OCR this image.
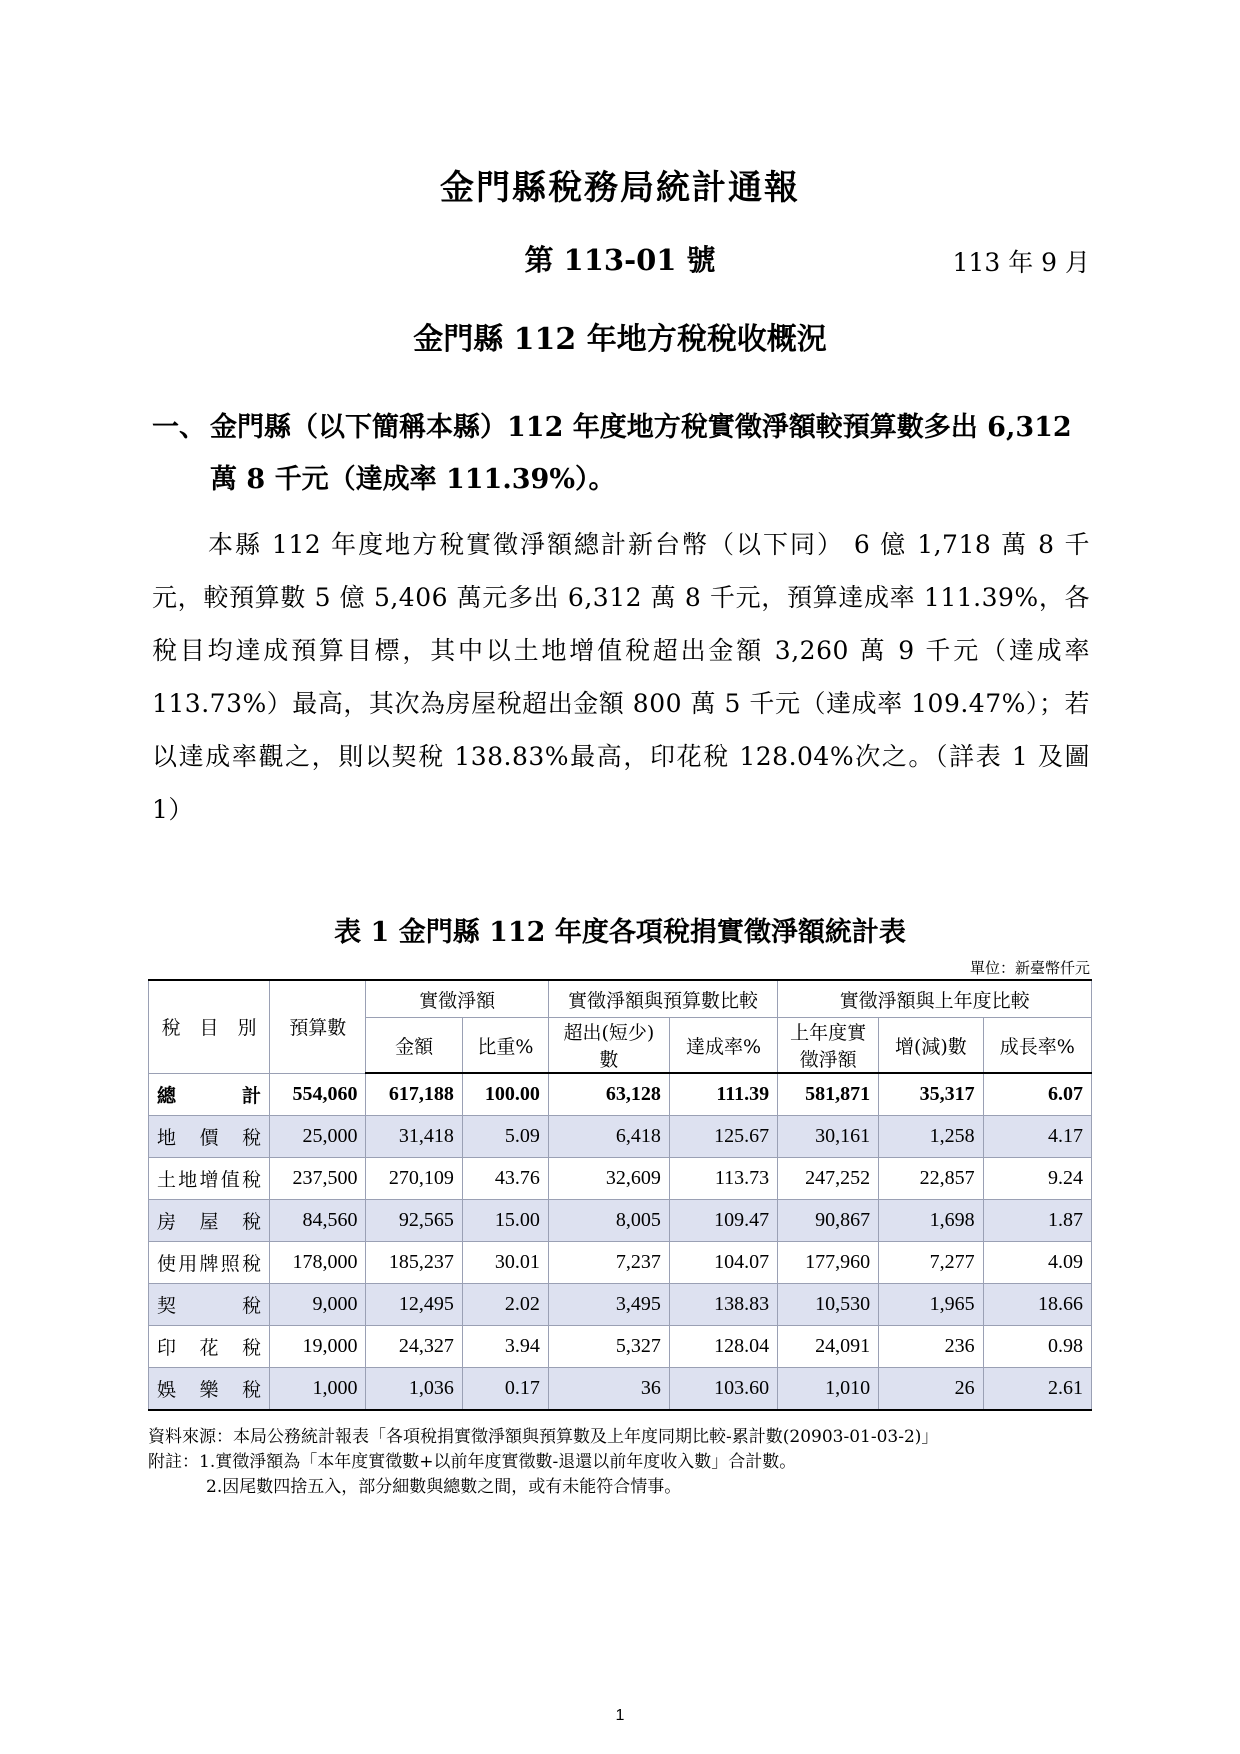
金門縣稅務局統計通報
第 113-01 號	113 年 9 月
金門縣 112 年地方稅稅收概況
一、 金門縣（以下簡稱本縣）112 年度地方稅實徵淨額較預算數多出 6,312 萬 8 千元（達成率 111.39%）。
本縣 112 年度地方稅實徵淨額總計新台幣（以下同） 6 億 1,718 萬 8 千元，較預算數 5 億 5,406 萬元多出 6,312 萬 8 千元，預算達成率 111.39%，各稅目均達成預算目標，其中以土地增值稅超出金額 3,260 萬 9 千元（達成率 113.73%）最高，其次為房屋稅超出金額 800 萬 5 千元（達成率 109.47%）；若以達成率觀之，則以契稅 138.83%最高，印花稅 128.04%次之。（詳表 1 及圖 1）
表 1 金門縣 112 年度各項稅捐實徵淨額統計表
單位：新臺幣仟元
稅　目　別	預算數	實徵淨額		實徵淨額與預算數比較		實徵淨額與上年度比較		
		金額	比重%	超出(短少)數	達成率%	上年度實徵淨額	增(減)數	成長率%
總計	554,060	617,188	100.00	63,128	111.39	581,871	35,317	6.07
地價稅	25,000	31,418	5.09	6,418	125.67	30,161	1,258	4.17
土地增值稅	237,500	270,109	43.76	32,609	113.73	247,252	22,857	9.24
房屋稅	84,560	92,565	15.00	8,005	109.47	90,867	1,698	1.87
使用牌照稅	178,000	185,237	30.01	7,237	104.07	177,960	7,277	4.09
契稅	9,000	12,495	2.02	3,495	138.83	10,530	1,965	18.66
印花稅	19,000	24,327	3.94	5,327	128.04	24,091	236	0.98
娛樂稅	1,000	1,036	0.17	36	103.60	1,010	26	2.61
資料來源：本局公務統計報表「各項稅捐實徵淨額與預算數及上年度同期比較-累計數(20903-01-03-2)」
附註：1.實徵淨額為「本年度實徵數+以前年度實徵數-退還以前年度收入數」合計數。
2.因尾數四捨五入，部分細數與總數之間，或有未能符合情事。
1
